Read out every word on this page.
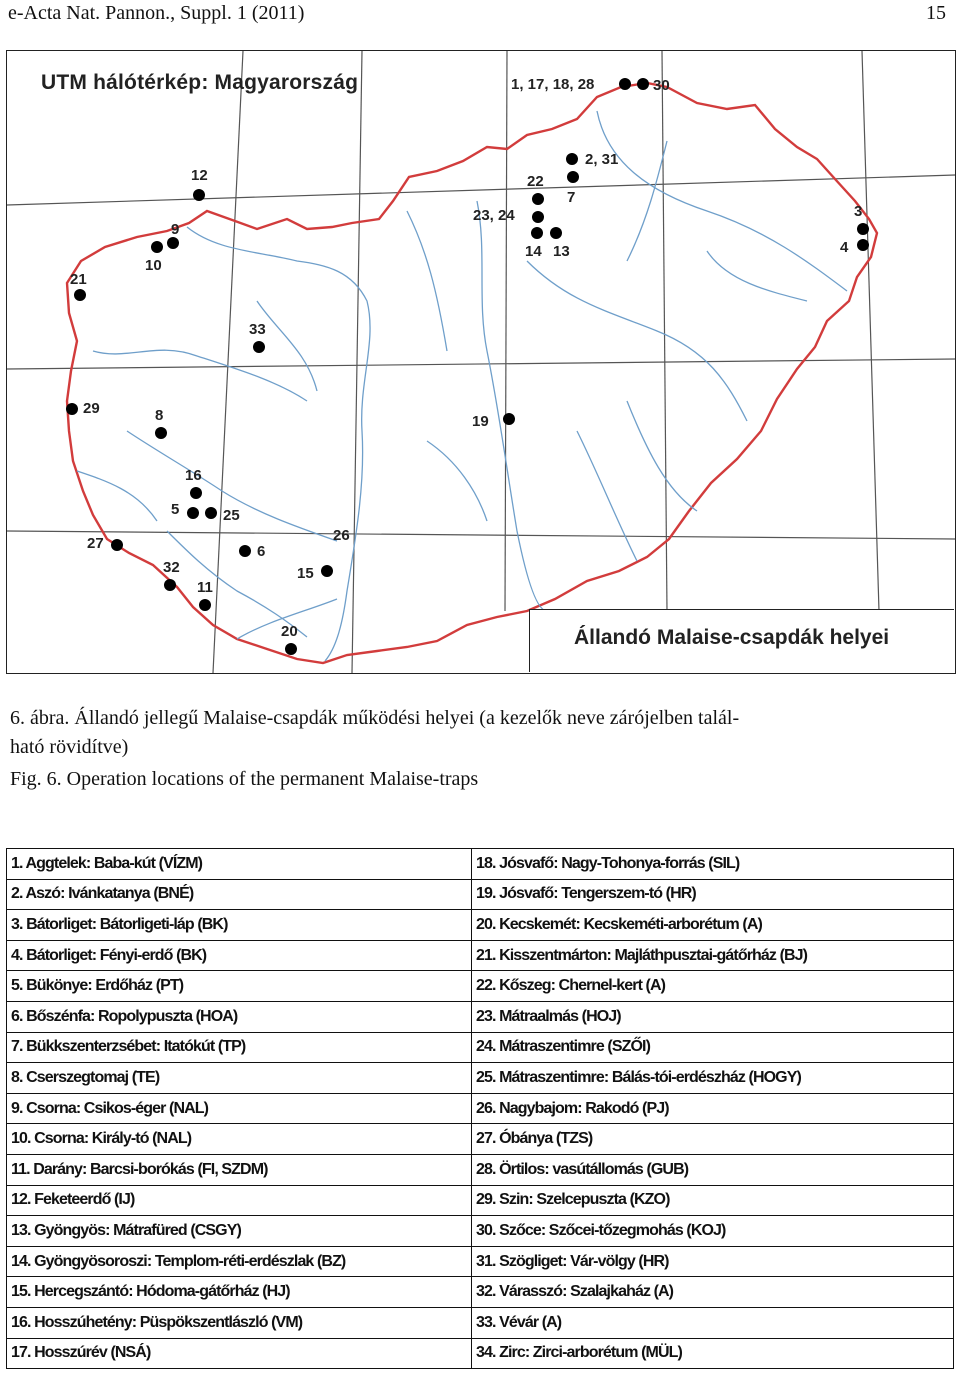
e-Acta Nat. Pannon., Suppl. 1 (2011)	15
UTM hálótérkép: Magyarország	1, 17, 18, 28	30
2, 31
22
7
23, 24
14 13
3
4
12
9
10
21
33
29	8	19
16
5	25
27	6
26
32
11
15
20	Állandó Malaise-csapdák helyei
6. ábra. Állandó jellegű Malaise-csapdák működési helyei (a kezelők neve zárójelben talál-
ható rövidítve)
Fig. 6. Operation locations of the permanent Malaise-traps
1. Aggtelek: Baba-kút (VÍZM)	18. Jósvafő: Nagy-Tohonya-forrás (SIL)
2. Aszó: Ivánkatanya (BNÉ)	19. Jósvafő: Tengerszem-tó (HR)
3. Bátorliget: Bátorligeti-láp (BK)	20. Kecskemét: Kecskeméti-arborétum (A)
4. Bátorliget: Fényi-erdő (BK)	21. Kisszentmárton: Majláthpusztai-gátőrház (BJ)
5. Bükönye: Erdőház (PT)	22. Kőszeg: Chernel-kert (A)
6. Bőszénfa: Ropolypuszta (HOA)	23. Mátraalmás (HOJ)
7. Bükkszenterzsébet: Itatókút (TP)	24. Mátraszentimre (SZŐI)
8. Cserszegtomaj (TE)	25. Mátraszentimre: Bálás-tói-erdészház (HOGY)
9. Csorna: Csikos-éger (NAL)	26. Nagybajom: Rakodó (PJ)
10. Csorna: Király-tó (NAL)	27. Óbánya (TZS)
11. Darány: Barcsi-borókás (FI, SZDM)	28. Örtilos: vasútállomás (GUB)
12. Feketeerdő (IJ)	29. Szin: Szelcepuszta (KZO)
13. Gyöngyös: Mátrafüred (CSGY)	30. Szőce: Szőcei-tőzegmohás (KOJ)
14. Gyöngyösoroszi: Templom-réti-erdészlak (BZ)	31. Szögliget: Vár-völgy (HR)
15. Hercegszántó: Hódoma-gátőrház (HJ)	32. Várasszó: Szalajkaház (A)
16. Hosszúhetény: Püspökszentlászló (VM)	33. Vévár (A)
17. Hosszúrév (NSÁ)	34. Zirc: Zirci-arborétum (MÜL)
